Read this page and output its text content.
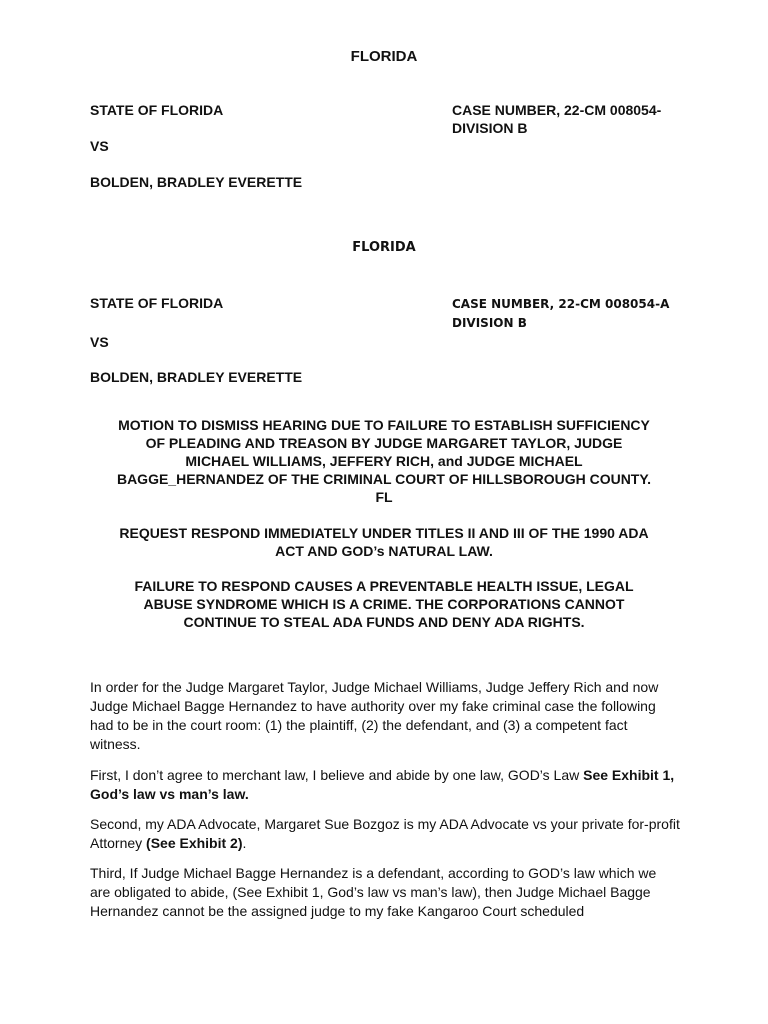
FLORIDA
STATE OF FLORIDA	CASE NUMBER, 22-CM 008054-
DIVISION B
VS
BOLDEN, BRADLEY EVERETTE
FLORIDA
STATE OF FLORIDA	CASE NUMBER, 22-CM 008054-A
DIVISION B
VS
BOLDEN, BRADLEY EVERETTE
MOTION TO DISMISS HEARING DUE TO FAILURE TO ESTABLISH SUFFICIENCY
OF PLEADING AND TREASON BY JUDGE MARGARET TAYLOR, JUDGE
MICHAEL WILLIAMS, JEFFERY RICH, and JUDGE MICHAEL
BAGGE_HERNANDEZ OF THE CRIMINAL COURT OF HILLSBOROUGH COUNTY.
FL
REQUEST RESPOND IMMEDIATELY UNDER TITLES II AND III OF THE 1990 ADA
ACT AND GOD’s NATURAL LAW.
FAILURE TO RESPOND CAUSES A PREVENTABLE HEALTH ISSUE, LEGAL
ABUSE SYNDROME WHICH IS A CRIME. THE CORPORATIONS CANNOT
CONTINUE TO STEAL ADA FUNDS AND DENY ADA RIGHTS.
In order for the Judge Margaret Taylor, Judge Michael Williams, Judge Jeffery Rich and now Judge Michael Bagge Hernandez to have authority over my fake criminal case the following had to be in the court room: (1) the plaintiff, (2) the defendant, and (3) a competent fact witness.
First, I don’t agree to merchant law, I believe and abide by one law, GOD’s Law See Exhibit 1, God’s law vs man’s law.
Second, my ADA Advocate, Margaret Sue Bozgoz is my ADA Advocate vs your private for-profit Attorney (See Exhibit 2).
Third, If Judge Michael Bagge Hernandez is a defendant, according to GOD’s law which we are obligated to abide, (See Exhibit 1, God’s law vs man’s law), then Judge Michael Bagge Hernandez cannot be the assigned judge to my fake Kangaroo Court scheduled
